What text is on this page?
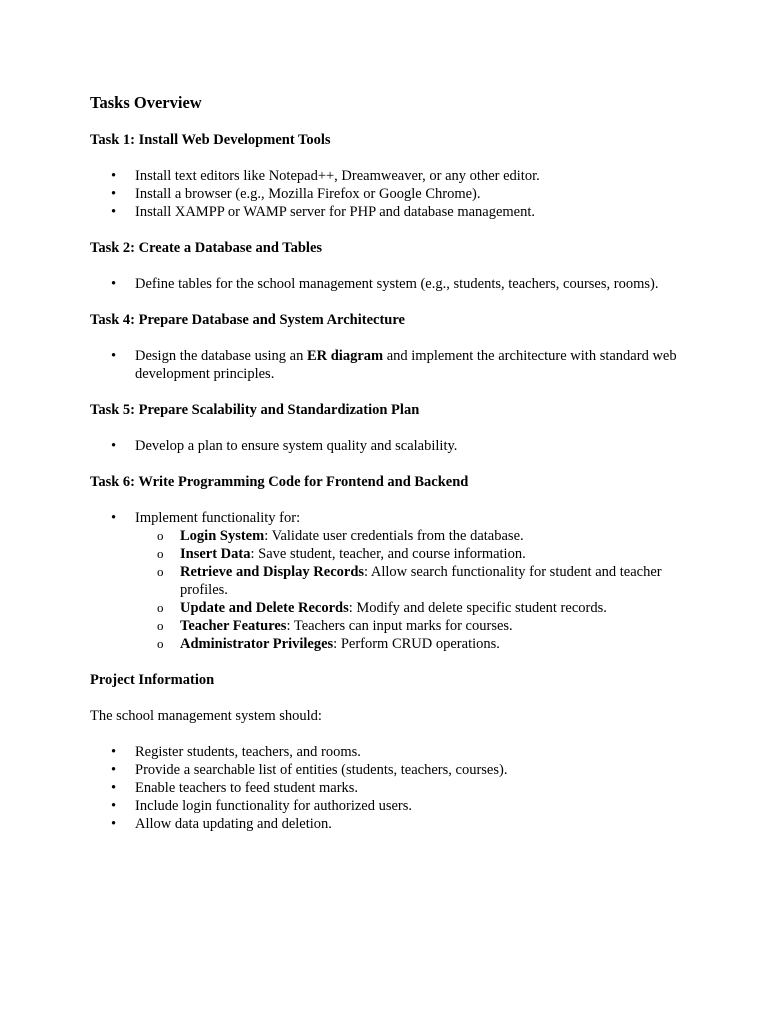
Tasks Overview
Task 1: Install Web Development Tools
•	Install text editors like Notepad++, Dreamweaver, or any other editor.
•	Install a browser (e.g., Mozilla Firefox or Google Chrome).
•	Install XAMPP or WAMP server for PHP and database management.
Task 2: Create a Database and Tables
•	Define tables for the school management system (e.g., students, teachers, courses, rooms).
Task 4: Prepare Database and System Architecture
•	Design the database using an ER diagram and implement the architecture with standard web development principles.
Task 5: Prepare Scalability and Standardization Plan
•	Develop a plan to ensure system quality and scalability.
Task 6: Write Programming Code for Frontend and Backend
•	Implement functionality for:
o Login System: Validate user credentials from the database.
o Insert Data: Save student, teacher, and course information.
o Retrieve and Display Records: Allow search functionality for student and teacher profiles.
o Update and Delete Records: Modify and delete specific student records.
o Teacher Features: Teachers can input marks for courses.
o Administrator Privileges: Perform CRUD operations.
Project Information

The school management system should:

•	Register students, teachers, and rooms.
•	Provide a searchable list of entities (students, teachers, courses).
•	Enable teachers to feed student marks.
•	Include login functionality for authorized users.
•	Allow data updating and deletion.
